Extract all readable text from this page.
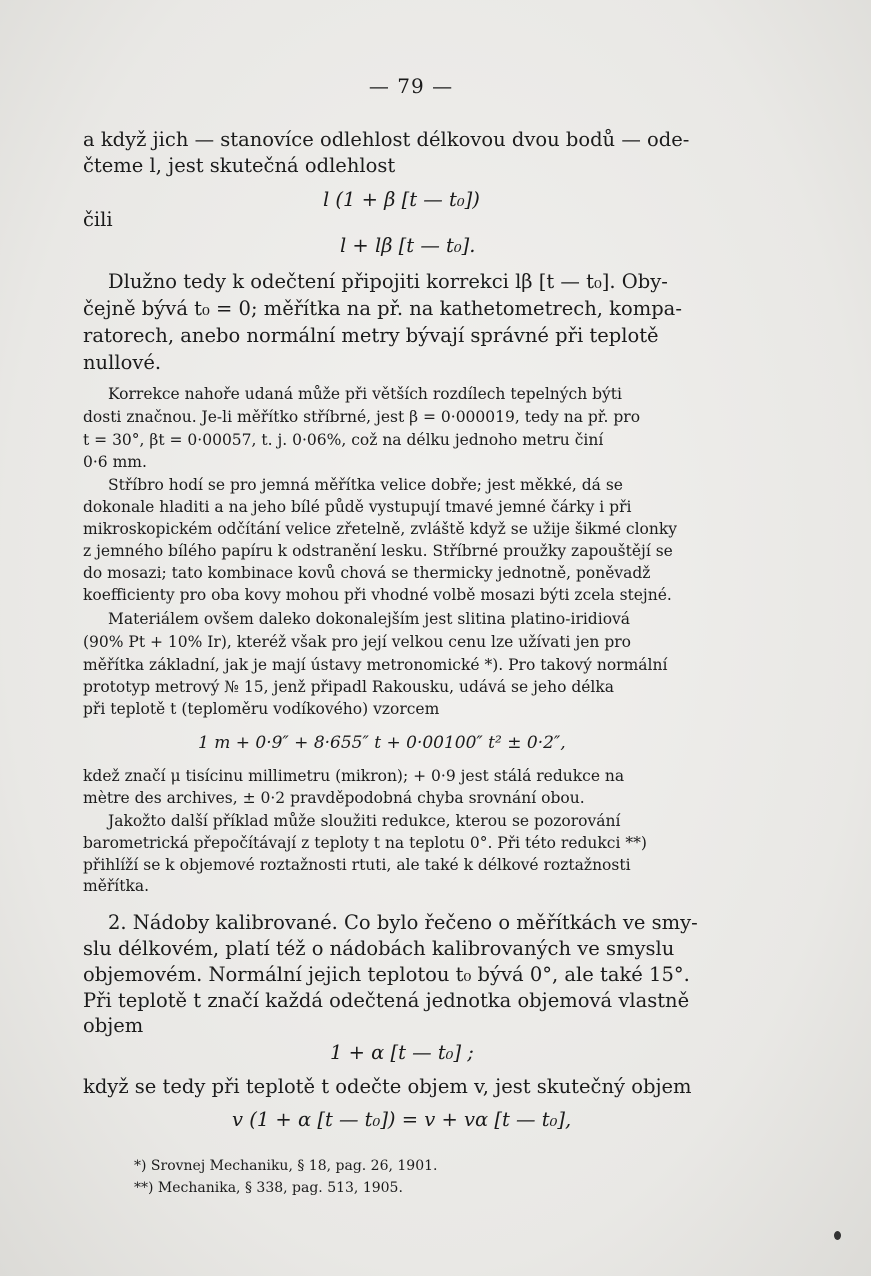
— 79 —
a když jich — stanovíce odlehlost délkovou dvou bodů — ode-
čteme l, jest skutečná odlehlost
l (1 + β [t — t₀])
čili
l + lβ [t — t₀].
Dlužno tedy k odečtení připojiti korrekci lβ [t — t₀]. Oby-
čejně bývá t₀ = 0; měřítka na př. na kathetometrech, kompa-
ratorech, anebo normální metry bývají správné při teplotě
nullové.
Korrekce nahoře udaná může při větších rozdílech tepelných býti
dosti značnou. Je-li měřítko stříbrné, jest β = 0·000019, tedy na př. pro
t = 30°, βt = 0·00057, t. j. 0·06%, což na délku jednoho metru činí
0·6 mm.
Stříbro hodí se pro jemná měřítka velice dobře; jest měkké, dá se
dokonale hladiti a na jeho bílé půdě vystupují tmavé jemné čárky i při
mikroskopickém odčítání velice zřetelně, zvláště když se užije šikmé clonky
z jemného bílého papíru k odstranění lesku. Stříbrné proužky zapouštějí se
do mosazi; tato kombinace kovů chová se thermicky jednotně, poněvadž
koefficienty pro oba kovy mohou při vhodné volbě mosazi býti zcela stejné.
Materiálem ovšem daleko dokonalejším jest slitina platino-iridiová
(90% Pt + 10% Ir), kteréž však pro její velkou cenu lze užívati jen pro
měřítka základní, jak je mají ústavy metronomické *). Pro takový normální
prototyp metrový № 15, jenž připadl Rakousku, udává se jeho délka
při teplotě t (teploměru vodíkového) vzorcem
1 m + 0·9″ + 8·655″ t + 0·00100″ t² ± 0·2″,
kdež značí μ tisícinu millimetru (mikron); + 0·9 jest stálá redukce na
mètre des archives, ± 0·2 pravděpodobná chyba srovnání obou.
Jakožto další příklad může sloužiti redukce, kterou se pozorování
barometrická přepočítávají z teploty t na teplotu 0°. Při této redukci **)
přihlíží se k objemové roztažnosti rtuti, ale také k délkové roztažnosti
měřítka.
2. Nádoby kalibrované. Co bylo řečeno o měřítkách ve smy-
slu délkovém, platí též o nádobách kalibrovaných ve smyslu
objemovém. Normální jejich teplotou t₀ bývá 0°, ale také 15°.
Při teplotě t značí každá odečtená jednotka objemová vlastně
objem
1 + α [t — t₀] ;
když se tedy při teplotě t odečte objem v, jest skutečný objem
v (1 + α [t — t₀]) = v + vα [t — t₀],
*) Srovnej Mechaniku, § 18, pag. 26, 1901.
**) Mechanika, § 338, pag. 513, 1905.
